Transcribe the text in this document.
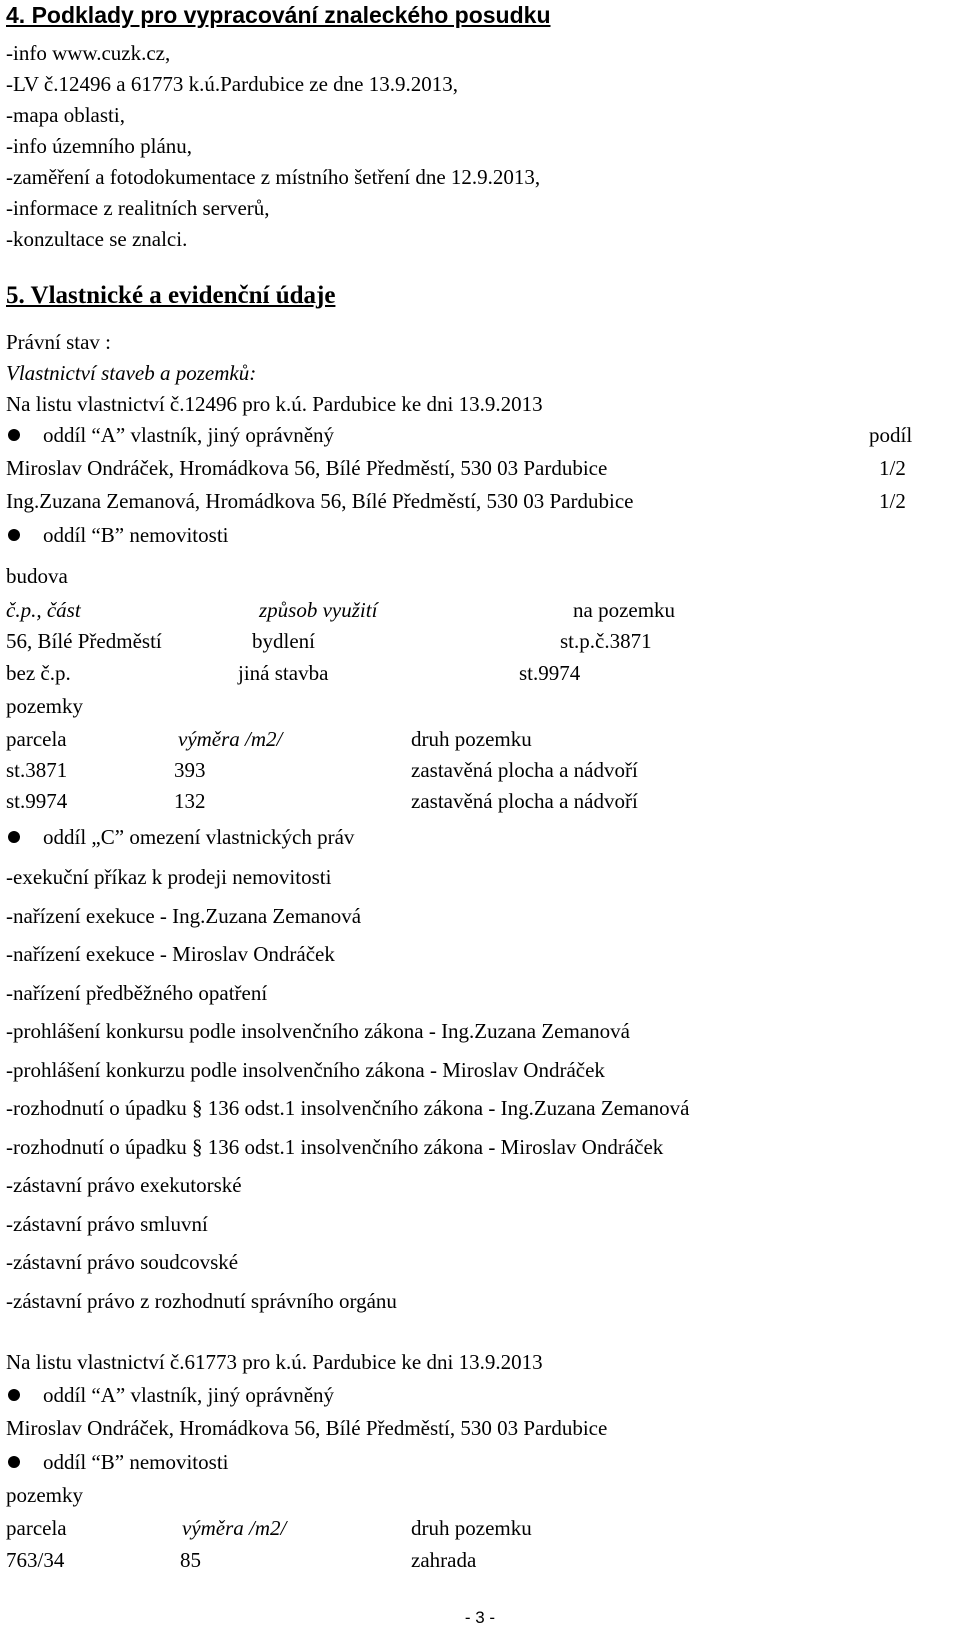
4. Podklady pro vypracování znaleckého posudku
-info www.cuzk.cz,
-LV č.12496 a 61773 k.ú.Pardubice ze dne 13.9.2013,
-mapa oblasti,
-info územního plánu,
-zaměření a fotodokumentace z místního šetření dne 12.9.2013,
-informace z realitních serverů,
-konzultace se znalci.
5. Vlastnické a evidenční údaje
Právní stav :
Vlastnictví staveb a pozemků:
Na listu vlastnictví č.12496 pro k.ú. Pardubice ke dni 13.9.2013
oddíl “A” vlastník, jiný oprávněný	podíl
Miroslav Ondráček, Hromádkova 56, Bílé Předměstí, 530 03 Pardubice	1/2
Ing.Zuzana Zemanová, Hromádkova 56, Bílé Předměstí, 530 03 Pardubice	1/2
oddíl “B” nemovitosti
budova
č.p., část	způsob využití	na pozemku
56, Bílé Předměstí	bydlení	st.p.č.3871
bez č.p.	jiná stavba	st.9974
pozemky
parcela	výměra /m2/	druh pozemku
st.3871	393	zastavěná plocha a nádvoří
st.9974	132	zastavěná plocha a nádvoří
oddíl „C” omezení vlastnických práv
-exekuční příkaz k prodeji nemovitosti
-nařízení exekuce - Ing.Zuzana Zemanová
-nařízení exekuce - Miroslav Ondráček
-nařízení předběžného opatření
-prohlášení konkursu podle insolvenčního zákona - Ing.Zuzana Zemanová
-prohlášení konkurzu podle insolvenčního zákona - Miroslav Ondráček
-rozhodnutí o úpadku § 136 odst.1 insolvenčního zákona - Ing.Zuzana Zemanová
-rozhodnutí o úpadku § 136 odst.1 insolvenčního zákona - Miroslav Ondráček
-zástavní právo exekutorské
-zástavní právo smluvní
-zástavní právo soudcovské
-zástavní právo z rozhodnutí správního orgánu
Na listu vlastnictví č.61773 pro k.ú. Pardubice ke dni 13.9.2013
oddíl “A” vlastník, jiný oprávněný
Miroslav Ondráček, Hromádkova 56, Bílé Předměstí, 530 03 Pardubice
oddíl “B” nemovitosti
pozemky
parcela	výměra /m2/	druh pozemku
763/34	85	zahrada
- 3 -
